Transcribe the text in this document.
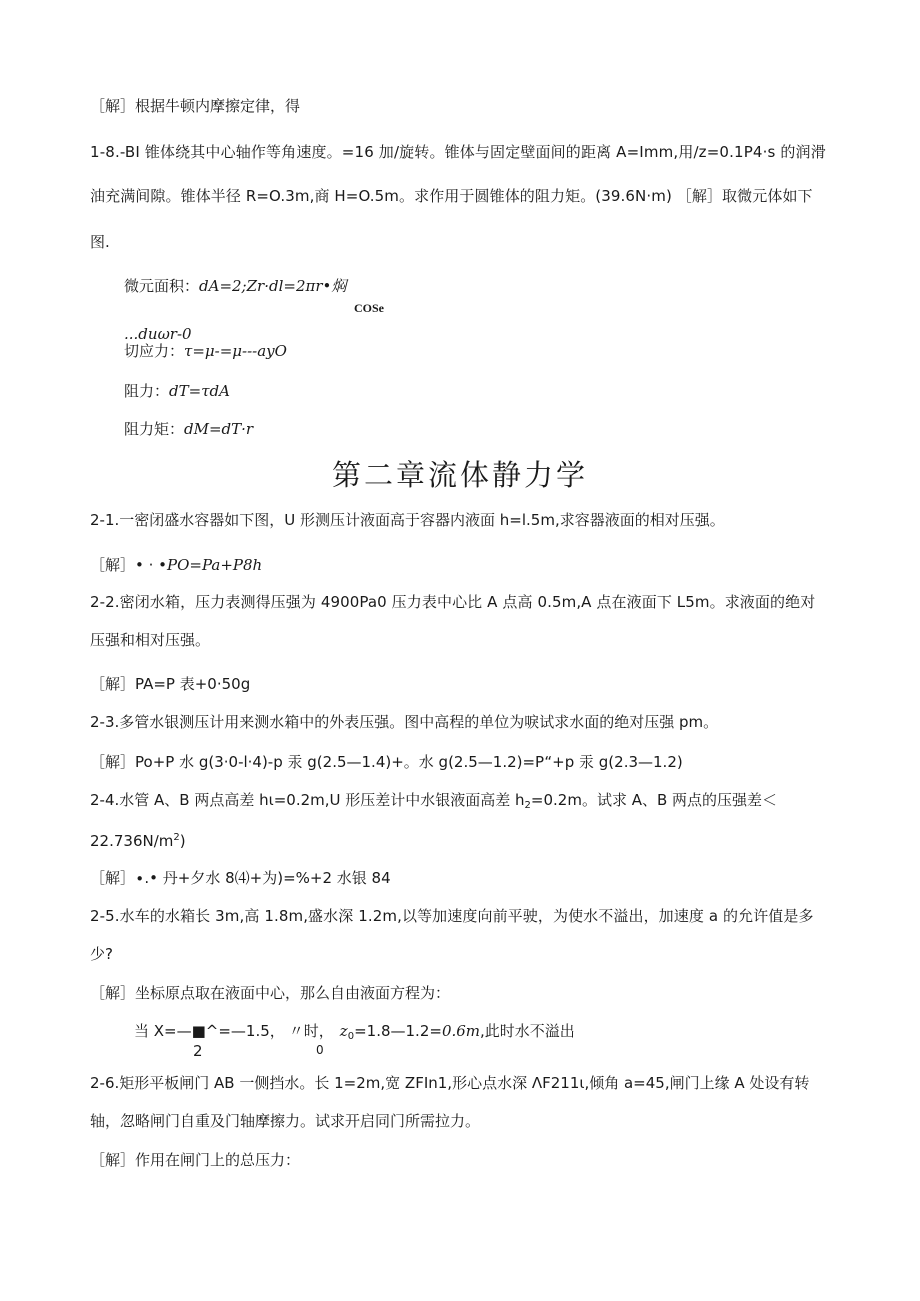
［解］根据牛顿内摩擦定律，得
1-8.-BI 锥体绕其中心轴作等角速度。=16 加/旋转。锥体与固定壁面间的距离 A=Imm,用∕z=0.1P4·s 的润滑
油充满间隙。锥体半径 R=O.3m,商 H=O.5m。求作用于圆锥体的阻力矩。(39.6N·m) ［解］取微元体如下
图.
微元面积：dA=2;Zr·dl=2πr•焖
COSe
...duωr-0
切应力：τ=μ-=μ---ayO
阻力：dT=τdA
阻力矩：dM=dT·r
第二章流体静力学
2-1.一密闭盛水容器如下图，U 形测压计液面高于容器内液面 h=l.5m,求容器液面的相对压强。
［解］• · •PO=Pa+P8h
2-2.密闭水箱，压力表测得压强为 4900Pa0 压力表中心比 A 点高 0.5m,A 点在液面下 L5m。求液面的绝对
压强和相对压强。
［解］PA=P 表+0·50g
2-3.多管水银测压计用来测水箱中的外表压强。图中高程的单位为唳试求水面的绝对压强 pm。
［解］Po+P 水 g(3·0-l·4)-p 汞 g(2.5—1.4)+。水 g(2.5—1.2)=P“+p 汞 g(2.3—1.2)
2-4.水管 A、B 两点高差 hι=0.2m,U 形压差计中水银液面高差 $h_2=0.2m$。试求 A、B 两点的压强差＜
$22.736N∕m^2$)
［解］∙.• 丹+夕水 8⑷+为)=%+2 水银 84
2-5.水车的水箱长 3m,高 1.8m,盛水深 1.2m,以等加速度向前平驶，为使水不溢出，加速度 a 的允许值是多
少?
［解］坐标原点取在液面中心，那么自由液面方程为：
当 X=—■^=—1.5， 〃时， $z_0=1.8—1.2=0.6m$,此时水不溢出
2	0
2-6.矩形平板闸门 AB 一侧挡水。长 1=2m,宽 ZFIn1,形心点水深 ΛF211ι,倾角 a=45,闸门上缘 A 处设有转
轴，忽略闸门自重及门轴摩擦力。试求开启同门所需拉力。
［解］作用在闸门上的总压力：
